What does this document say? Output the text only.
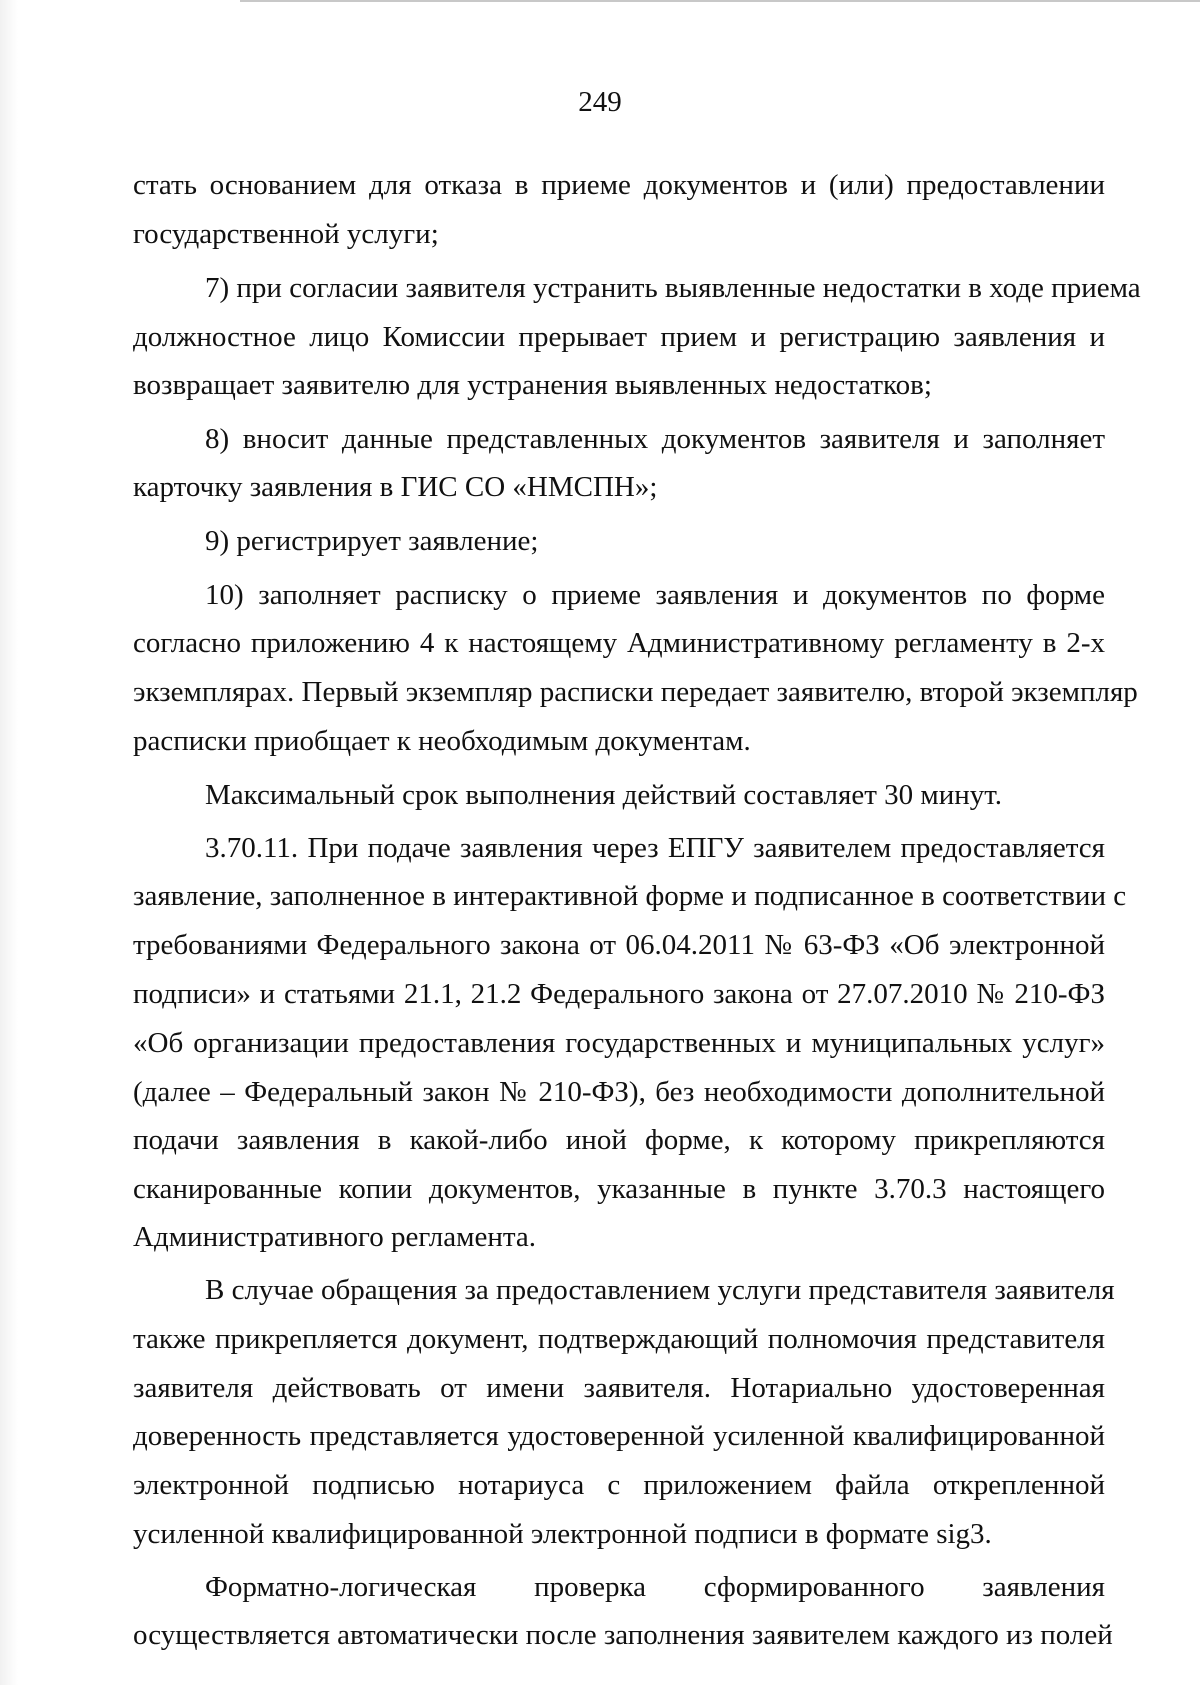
249
стать основанием для отказа в приеме документов и (или) предоставлении
государственной услуги;
7) при согласии заявителя устранить выявленные недостатки в ходе приема
должностное лицо Комиссии прерывает прием и регистрацию заявления и
возвращает заявителю для устранения выявленных недостатков;
8) вносит данные представленных документов заявителя и заполняет
карточку заявления в ГИС СО «НМСПН»;
9) регистрирует заявление;
10) заполняет расписку о приеме заявления и документов по форме
согласно приложению 4 к настоящему Административному регламенту в 2-х
экземплярах. Первый экземпляр расписки передает заявителю, второй экземпляр
расписки приобщает к необходимым документам.
Максимальный срок выполнения действий составляет 30 минут.
3.70.11. При подаче заявления через ЕПГУ заявителем предоставляется
заявление, заполненное в интерактивной форме и подписанное в соответствии с
требованиями Федерального закона от 06.04.2011 № 63-ФЗ «Об электронной
подписи» и статьями 21.1, 21.2 Федерального закона от 27.07.2010 № 210-ФЗ
«Об организации предоставления государственных и муниципальных услуг»
(далее – Федеральный закон № 210-ФЗ), без необходимости дополнительной
подачи заявления в какой-либо иной форме, к которому прикрепляются
сканированные копии документов, указанные в пункте 3.70.3 настоящего
Административного регламента.
В случае обращения за предоставлением услуги представителя заявителя
также прикрепляется документ, подтверждающий полномочия представителя
заявителя действовать от имени заявителя. Нотариально удостоверенная
доверенность представляется удостоверенной усиленной квалифицированной
электронной подписью нотариуса с приложением файла открепленной
усиленной квалифицированной электронной подписи в формате sig3.
Форматно-логическая проверка сформированного заявления
осуществляется автоматически после заполнения заявителем каждого из полей
